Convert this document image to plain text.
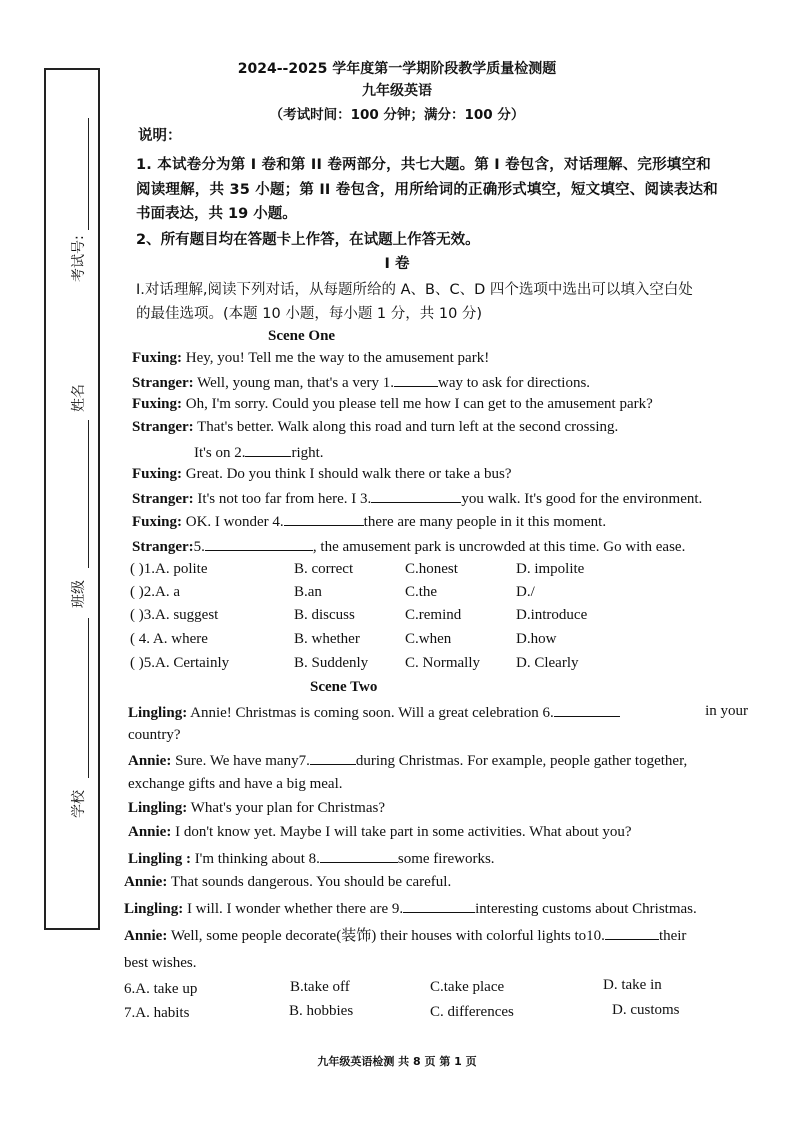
考试号:
姓名
班级
学校
2024--2025 学年度第一学期阶段教学质量检测题
九年级英语
（考试时间：100 分钟；满分：100 分）
说明：
1. 本试卷分为第 I 卷和第 II 卷两部分，共七大题。第 I 卷包含，对话理解、完形填空和
阅读理解，共 35 小题；第 II 卷包含，用所给词的正确形式填空，短文填空、阅读表达和
书面表达，共 19 小题。
2、所有题目均在答题卡上作答，在试题上作答无效。
I 卷
I.对话理解,阅读下列对话，从每题所给的 A、B、C、D 四个选项中选出可以填入空白处
的最佳选项。(本题 10 小题，每小题 1 分，共 10 分)
Scene One
Fuxing: Hey, you! Tell me the way to the amusement park!
Stranger: Well, young man, that's a very 1.	way to ask for directions.
Fuxing: Oh, I'm sorry. Could you please tell me how I can get to the amusement park?
Stranger: That's better. Walk along this road and turn left at the second crossing.
It's on 2.	right.
Fuxing: Great. Do you think I should walk there or take a bus?
Stranger: It's not too far from here. I 3.	you walk. It's good for the environment.
Fuxing: OK. I wonder 4.	there are many people in it this moment.
Stranger:5.	, the amusement park is uncrowded at this time. Go with ease.
( )1.A. polite	B. correct	C.honest	D. impolite
( )2.A. a	B.an	C.the	D./
( )3.A. suggest	B. discuss	C.remind	D.introduce
( 4. A. where	B. whether	C.when	D.how
( )5.A. Certainly	B. Suddenly C. Normally D. Clearly
Scene Two
Lingling: Annie! Christmas is coming soon. Will a great celebration 6.	in your
country?
Annie: Sure. We have many7.	during Christmas. For example, people gather together,
exchange gifts and have a big meal.
Lingling: What's your plan for Christmas?
Annie: I don't know yet. Maybe I will take part in some activities. What about you?
Lingling : I'm thinking about 8.	some fireworks.
Annie: That sounds dangerous. You should be careful.
Lingling: I will. I wonder whether there are 9.	interesting customs about Christmas.
Annie: Well, some people decorate(装饰) their houses with colorful lights to10.	their
best wishes.
6.A. take up	B.take off	C.take place	D. take in
7.A. habits	B. hobbies	C. differences	D. customs
九年级英语检测 共 8 页 第 1 页
